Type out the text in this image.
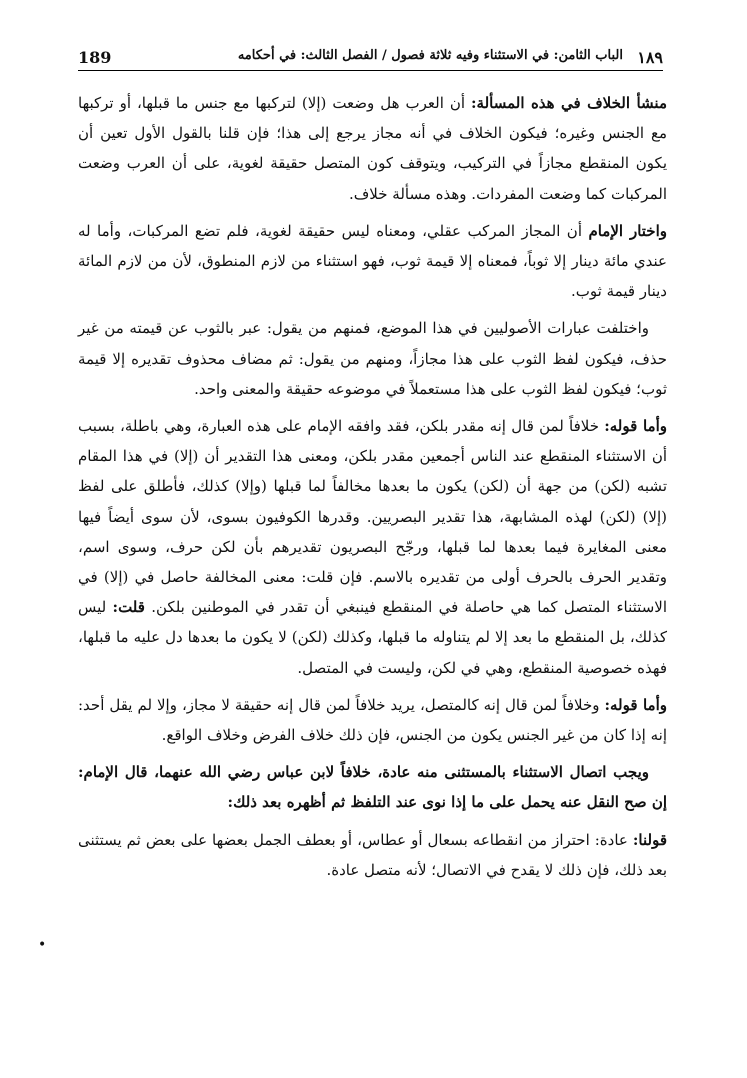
189	الباب الثامن: في الاستثناء وفيه ثلاثة فصول / الفصل الثالث: في أحكامه ١٨٩

منشأ الخلاف في هذه المسألة: أن العرب هل وضعت (إلا) لتركبها مع جنس ما قبلها، أو تركبها مع الجنس وغيره؛ فيكون الخلاف في أنه مجاز يرجع إلى هذا؛ فإن قلنا بالقول الأول تعين أن يكون المنقطع مجازاً في التركيب، ويتوقف كون المتصل حقيقة لغوية، على أن العرب وضعت المركبات كما وضعت المفردات. وهذه مسألة خلاف.

واختار الإمام أن المجاز المركب عقلي، ومعناه ليس حقيقة لغوية، فلم تضع المركبات، وأما له عندي مائة دينار إلا ثوباً، فمعناه إلا قيمة ثوب، فهو استثناء من لازم المنطوق، لأن من لازم المائة دينار قيمة ثوب.

واختلفت عبارات الأصوليين في هذا الموضع، فمنهم من يقول: عبر بالثوب عن قيمته من غير حذف، فيكون لفظ الثوب على هذا مجازاً، ومنهم من يقول: ثم مضاف محذوف تقديره إلا قيمة ثوب؛ فيكون لفظ الثوب على هذا مستعملاً في موضوعه حقيقة والمعنى واحد.

وأما قوله: خلافاً لمن قال إنه مقدر بلكن، فقد وافقه الإمام على هذه العبارة، وهي باطلة، بسبب أن الاستثناء المنقطع عند الناس أجمعين مقدر بلكن، ومعنى هذا التقدير أن (إلا) في هذا المقام تشبه (لكن) من جهة أن (لكن) يكون ما بعدها مخالفاً لما قبلها (وإلا) كذلك، فأطلق على لفظ (إلا) (لكن) لهذه المشابهة، هذا تقدير البصريين. وقدرها الكوفيون بسوى، لأن سوى أيضاً فيها معنى المغايرة فيما بعدها لما قبلها، ورجّح البصريون تقديرهم بأن لكن حرف، وسوى اسم، وتقدير الحرف بالحرف أولى من تقديره بالاسم. فإن قلت: معنى المخالفة حاصل في (إلا) في الاستثناء المتصل كما هي حاصلة في المنقطع فينبغي أن تقدر في الموطنين بلكن. قلت: ليس كذلك، بل المنقطع ما بعد إلا لم يتناوله ما قبلها، وكذلك (لكن) لا يكون ما بعدها دل عليه ما قبلها، فهذه خصوصية المنقطع، وهي في لكن، وليست في المتصل.

وأما قوله: وخلافاً لمن قال إنه كالمتصل، يريد خلافاً لمن قال إنه حقيقة لا مجاز، وإلا لم يقل أحد: إنه إذا كان من غير الجنس يكون من الجنس، فإن ذلك خلاف الفرض وخلاف الواقع.

ويجب اتصال الاستثناء بالمستثنى منه عادة، خلافاً لابن عباس رضي الله عنهما، قال الإمام: إن صح النقل عنه يحمل على ما إذا نوى عند التلفظ ثم أظهره بعد ذلك:

قولنا: عادة: احتراز من انقطاعه بسعال أو عطاس، أو بعطف الجمل بعضها على بعض ثم يستثنى بعد ذلك، فإن ذلك لا يقدح في الاتصال؛ لأنه متصل عادة.

•
